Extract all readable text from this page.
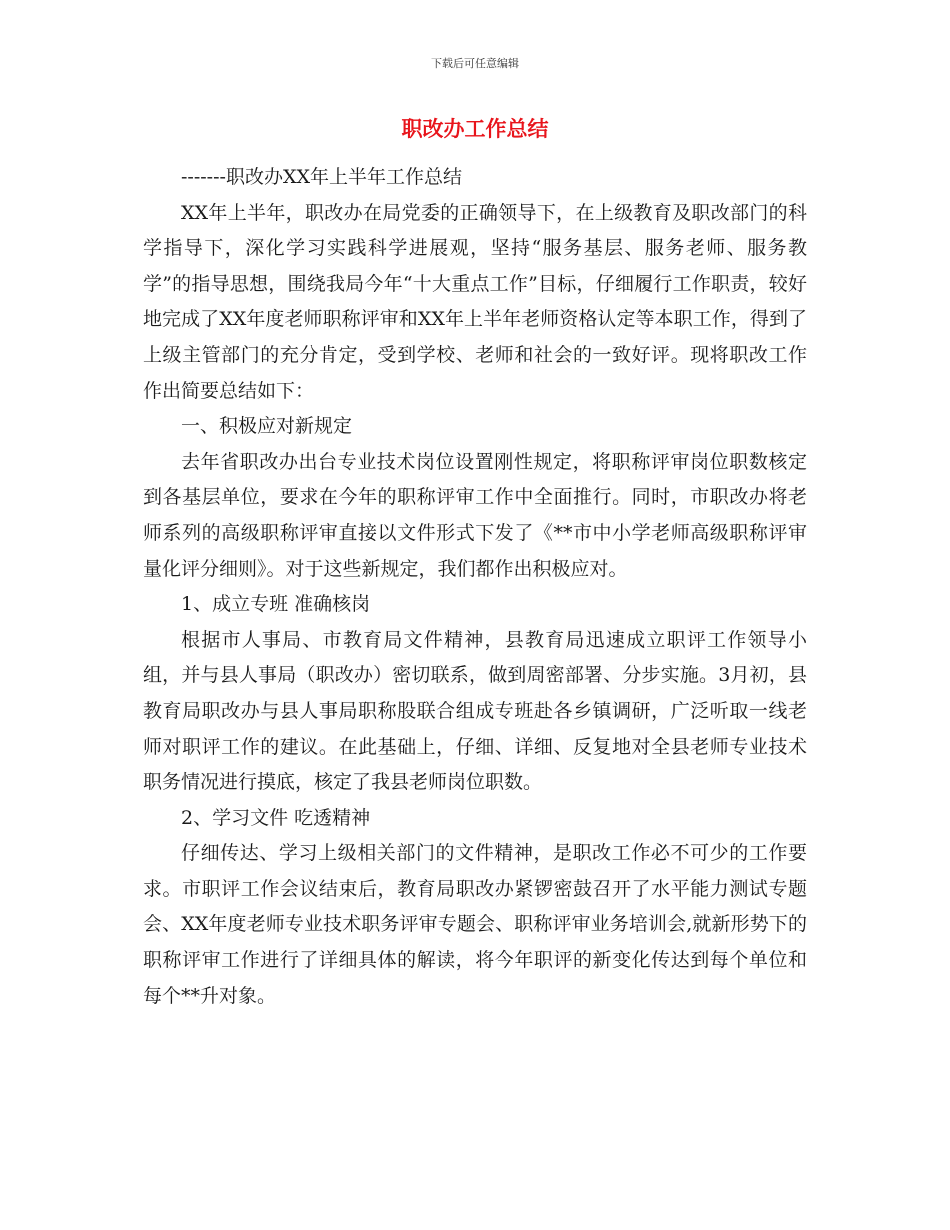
下载后可任意编辑
职改办工作总结

-------职改办XX年上半年工作总结

XX年上半年，职改办在局党委的正确领导下，在上级教育及职改部门的科学指导下，深化学习实践科学进展观，坚持“服务基层、服务老师、服务教学”的指导思想，围绕我局今年“十大重点工作”目标，仔细履行工作职责，较好地完成了XX年度老师职称评审和XX年上半年老师资格认定等本职工作，得到了上级主管部门的充分肯定，受到学校、老师和社会的一致好评。现将职改工作作出简要总结如下：

一、积极应对新规定

去年省职改办出台专业技术岗位设置刚性规定，将职称评审岗位职数核定到各基层单位，要求在今年的职称评审工作中全面推行。同时，市职改办将老师系列的高级职称评审直接以文件形式下发了《**市中小学老师高级职称评审量化评分细则》。对于这些新规定，我们都作出积极应对。

1、成立专班 准确核岗

根据市人事局、市教育局文件精神，县教育局迅速成立职评工作领导小组，并与县人事局（职改办）密切联系，做到周密部署、分步实施。3月初，县教育局职改办与县人事局职称股联合组成专班赴各乡镇调研，广泛听取一线老师对职评工作的建议。在此基础上，仔细、详细、反复地对全县老师专业技术职务情况进行摸底，核定了我县老师岗位职数。

2、学习文件 吃透精神

仔细传达、学习上级相关部门的文件精神，是职改工作必不可少的工作要求。市职评工作会议结束后，教育局职改办紧锣密鼓召开了水平能力测试专题会、XX年度老师专业技术职务评审专题会、职称评审业务培训会,就新形势下的职称评审工作进行了详细具体的解读，将今年职评的新变化传达到每个单位和每个**升对象。
